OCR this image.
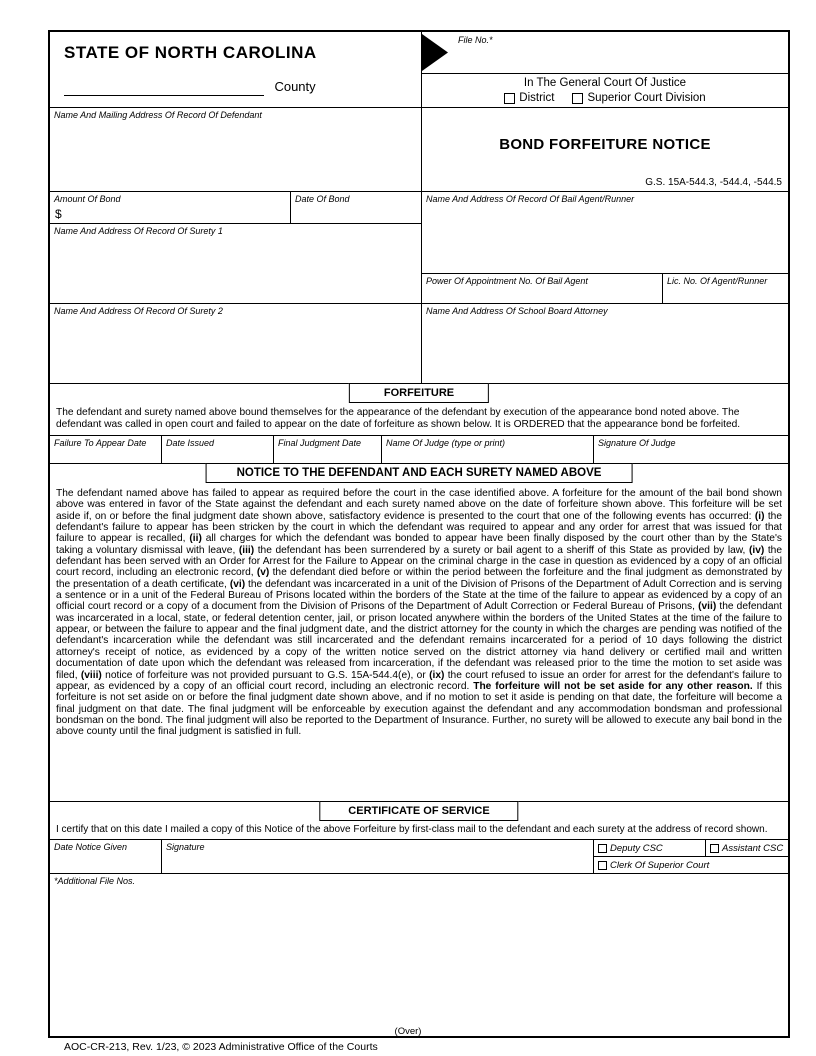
STATE OF NORTH CAROLINA
County
File No.*
In The General Court Of Justice
District	Superior Court Division
Name And Mailing Address Of Record Of Defendant
BOND FORFEITURE NOTICE
G.S. 15A-544.3, -544.4, -544.5
Amount Of Bond
$
Date Of Bond
Name And Address Of Record Of Surety 1
Name And Address Of Record Of Bail Agent/Runner
Power Of Appointment No. Of Bail Agent	Lic. No. Of Agent/Runner
Name And Address Of Record Of Surety 2	Name And Address Of School Board Attorney
FORFEITURE
The defendant and surety named above bound themselves for the appearance of the defendant by execution of the appearance bond noted above. The defendant was called in open court and failed to appear on the date of forfeiture as shown below. It is ORDERED that the appearance bond be forfeited.
Failure To Appear Date	Date Issued	Final Judgment Date	Name Of Judge (type or print)	Signature Of Judge
NOTICE TO THE DEFENDANT AND EACH SURETY NAMED ABOVE
The defendant named above has failed to appear as required before the court in the case identified above. A forfeiture for the amount of the bail bond shown above was entered in favor of the State against the defendant and each surety named above on the date of forfeiture shown above. This forfeiture will be set aside if, on or before the final judgment date shown above, satisfactory evidence is presented to the court that one of the following events has occurred: (i) the defendant's failure to appear has been stricken by the court in which the defendant was required to appear and any order for arrest that was issued for that failure to appear is recalled, (ii) all charges for which the defendant was bonded to appear have been finally disposed by the court other than by the State's taking a voluntary dismissal with leave, (iii) the defendant has been surrendered by a surety or bail agent to a sheriff of this State as provided by law, (iv) the defendant has been served with an Order for Arrest for the Failure to Appear on the criminal charge in the case in question as evidenced by a copy of an official court record, including an electronic record, (v) the defendant died before or within the period between the forfeiture and the final judgment as demonstrated by the presentation of a death certificate, (vi) the defendant was incarcerated in a unit of the Division of Prisons of the Department of Adult Correction and is serving a sentence or in a unit of the Federal Bureau of Prisons located within the borders of the State at the time of the failure to appear as evidenced by a copy of an official court record or a copy of a document from the Division of Prisons of the Department of Adult Correction or Federal Bureau of Prisons, (vii) the defendant was incarcerated in a local, state, or federal detention center, jail, or prison located anywhere within the borders of the United States at the time of the failure to appear, or between the failure to appear and the final judgment date, and the district attorney for the county in which the charges are pending was notified of the defendant's incarceration while the defendant was still incarcerated and the defendant remains incarcerated for a period of 10 days following the district attorney's receipt of notice, as evidenced by a copy of the written notice served on the district attorney via hand delivery or certified mail and written documentation of date upon which the defendant was released from incarceration, if the defendant was released prior to the time the motion to set aside was filed, (viii) notice of forfeiture was not provided pursuant to G.S. 15A-544.4(e), or (ix) the court refused to issue an order for arrest for the defendant's failure to appear, as evidenced by a copy of an official court record, including an electronic record. The forfeiture will not be set aside for any other reason. If this forfeiture is not set aside on or before the final judgment date shown above, and if no motion to set it aside is pending on that date, the forfeiture will become a final judgment on that date. The final judgment will be enforceable by execution against the defendant and any accommodation bondsman and professional bondsman on the bond. The final judgment will also be reported to the Department of Insurance. Further, no surety will be allowed to execute any bail bond in the above county until the final judgment is satisfied in full.
CERTIFICATE OF SERVICE
I certify that on this date I mailed a copy of this Notice of the above Forfeiture by first-class mail to the defendant and each surety at the address of record shown.
Date Notice Given	Signature	Deputy CSC	Assistant CSC
Clerk Of Superior Court
*Additional File Nos.
(Over)
AOC-CR-213, Rev. 1/23, © 2023 Administrative Office of the Courts
